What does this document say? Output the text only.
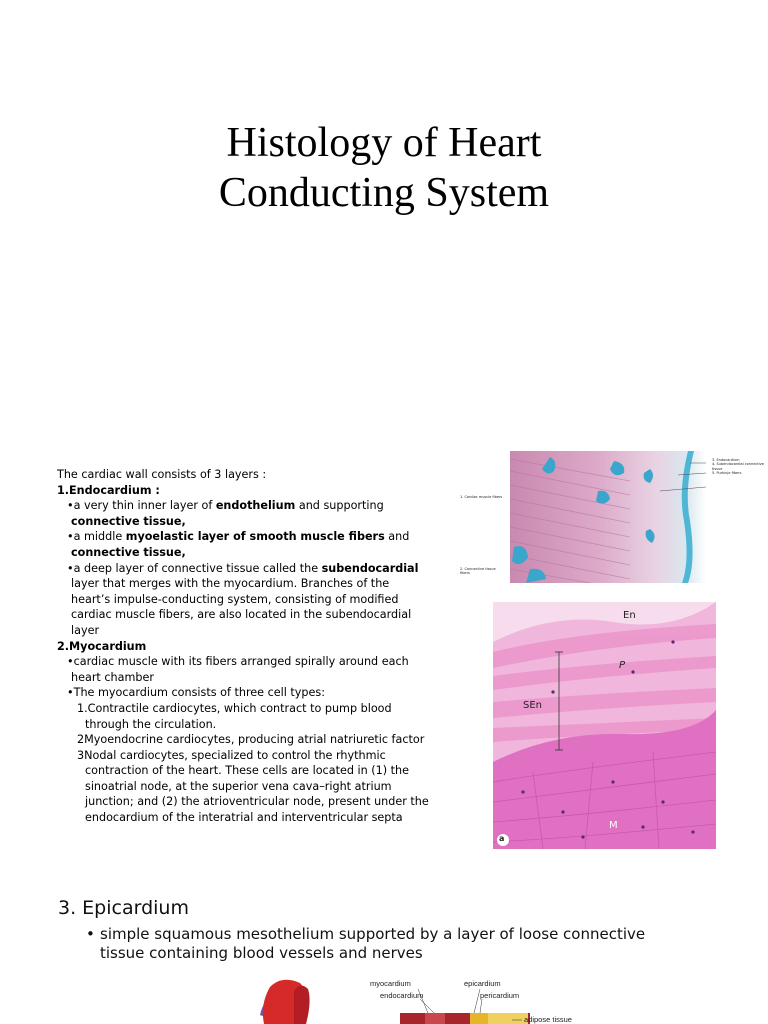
Histology of Heart
Conducting System
The cardiac wall consists of 3 layers :
1.Endocardium :
•a very thin inner layer of endothelium and supporting
connective tissue,
•a middle myoelastic layer of smooth muscle fibers and
connective tissue,
•a deep layer of connective tissue called the subendocardial
layer that merges with the myocardium. Branches of the
heart’s impulse-conducting system, consisting of modified
cardiac muscle fibers, are also located in the subendocardial
layer
2.Myocardium
•cardiac muscle with its fibers arranged spirally around each
heart chamber
•The myocardium consists of three cell types:
1.Contractile cardiocytes, which contract to pump blood
through the circulation.
2Myoendocrine cardiocytes, producing atrial natriuretic factor
3Nodal cardiocytes, specialized to control the rhythmic
contraction of the heart. These cells are located in (1) the
sinoatrial node, at the superior vena cava–right atrium
junction; and (2) the atrioventricular node, present under the
endocardium of the interatrial and interventricular septa
3. Endocardium
4. Subendocardial connective tissue
5. Purkinje fibers
1. Cardiac muscle fibers
2. Connective tissue fibers
En
P
SEn
M
a
3. Epicardium
• simple squamous mesothelium supported by a layer of loose connective
tissue containing blood vessels and nerves
myocardium	epicardium
endocardium	pericardium
adipose tissue
